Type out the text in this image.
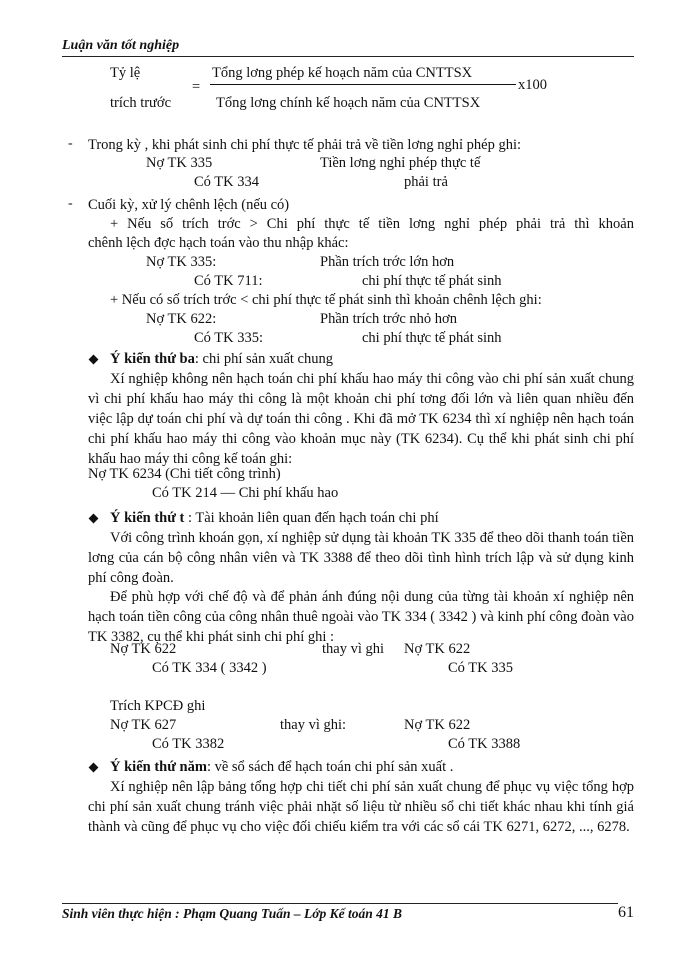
Luận văn tốt nghiệp
Tỷ lệ
trích trước
=
Tổng lơng phép kế hoạch năm của CNTTSX
Tổng lơng chính kế hoạch năm của CNTTSX
x100
- Trong kỳ , khi phát sinh chi phí thực tế phải trả về tiền lơng nghỉ phép ghi:
Nợ TK 335	Tiền lơng nghỉ phép thực tế
Có TK 334	phải trả
- Cuối kỳ, xử lý chênh lệch (nếu có)
+ Nếu số trích trớc > Chi phí thực tế tiền lơng nghỉ phép phải trả thì khoản
chênh lệch đợc hạch toán vào thu nhập khác:
Nợ TK 335:	Phần trích trớc lớn hơn
Có TK 711:	chi phí thực tế phát sinh
+ Nếu có số trích trớc < chi phí thực tế phát sinh thì khoản chênh lệch ghi:
Nợ TK 622:	Phần trích trớc nhỏ hơn
Có TK 335:	chi phí thực tế phát sinh
Ý kiến thứ ba: chi phí sản xuất chung
Xí nghiệp không nên hạch toán chi phí khấu hao máy thi công vào chi phí sản xuất chung vì chi phí khấu hao máy thi công là một khoản chi phí tơng đối lớn và liên quan nhiều đến việc lập dự toán chi phí và dự toán thi công . Khi đã mở TK 6234 thì xí nghiệp nên hạch toán chi phí khấu hao máy thi công vào khoản mục này (TK 6234). Cụ thể khi phát sinh chi phí khấu hao máy thi công kế toán ghi:
Nợ TK 6234 (Chi tiết công trình)
Có TK 214 — Chi phí khấu hao
Ý kiến thứ t : Tài khoản liên quan đến hạch toán chi phí
Với công trình khoán gọn, xí nghiệp sử dụng tài khoản TK 335 để theo dõi thanh toán tiền lơng của cán bộ công nhân viên và TK 3388 để theo dõi tình hình trích lập và sử dụng kinh phí công đoàn.
Để phù hợp với chế độ và để phản ánh đúng nội dung của từng tài khoản xí nghiệp nên hạch toán tiền công của công nhân thuê ngoài vào TK 334 ( 3342 ) và kinh phí công đoàn vào TK 3382, cụ thể khi phát sinh chi phí ghi :
Nợ TK 622	thay vì ghi Nợ TK 622
Có TK 334 ( 3342 )	Có TK 335
Trích KPCĐ ghi
Nợ TK 627	thay vì ghi:	Nợ TK 622
Có TK 3382	Có TK 3388
Ý kiến thứ năm: về sổ sách để hạch toán chi phí sản xuất .
Xí nghiệp nên lập bảng tổng hợp chi tiết chi phí sản xuất chung để phục vụ việc tổng hợp chi phí sản xuất chung tránh việc phải nhặt số liệu từ nhiều sổ chi tiết khác nhau khi tính giá thành và cũng để phục vụ cho việc đối chiếu kiểm tra với các sổ cái TK 6271, 6272, ..., 6278.
Sinh viên thực hiện : Phạm Quang Tuấn – Lớp Kế toán 41 B	61
